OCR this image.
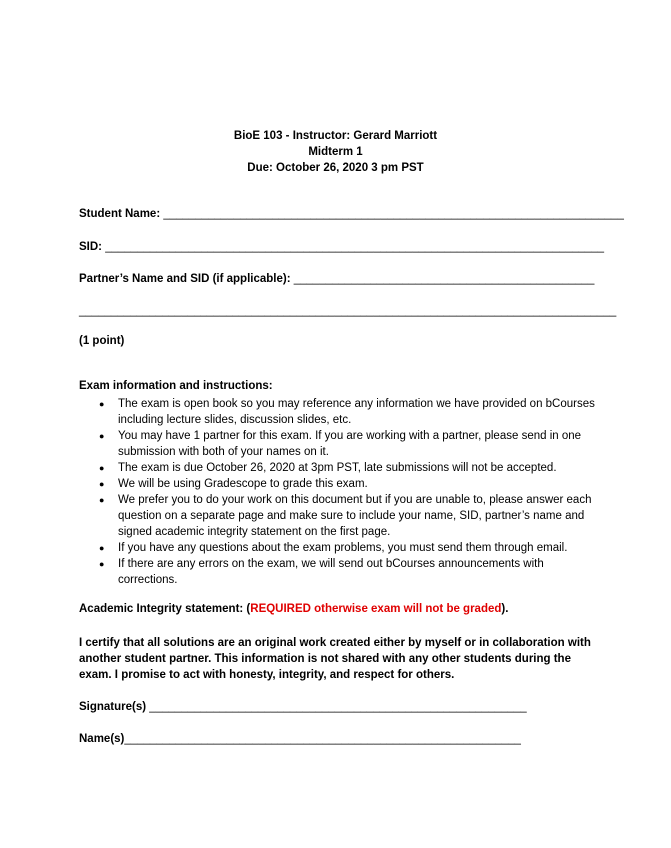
BioE 103 - Instructor: Gerard Marriott
Midterm 1
Due: October 26, 2020 3 pm PST
Student Name: ________________________________________________________________________
SID: ______________________________________________________________________________
Partner’s Name and SID (if applicable): _______________________________________________
____________________________________________________________________________________
(1 point)
Exam information and instructions:
● The exam is open book so you may reference any information we have provided on bCourses including lecture slides, discussion slides, etc.
● You may have 1 partner for this exam. If you are working with a partner, please send in one submission with both of your names on it.
● The exam is due October 26, 2020 at 3pm PST, late submissions will not be accepted.
● We will be using Gradescope to grade this exam.
● We prefer you to do your work on this document but if you are unable to, please answer each question on a separate page and make sure to include your name, SID, partner’s name and signed academic integrity statement on the first page.
● If you have any questions about the exam problems, you must send them through email.
● If there are any errors on the exam, we will send out bCourses announcements with corrections.
Academic Integrity statement: (REQUIRED otherwise exam will not be graded).
I certify that all solutions are an original work created either by myself or in collaboration with another student partner. This information is not shared with any other students during the exam. I promise to act with honesty, integrity, and respect for others.
Signature(s) ___________________________________________________________
Name(s)______________________________________________________________
